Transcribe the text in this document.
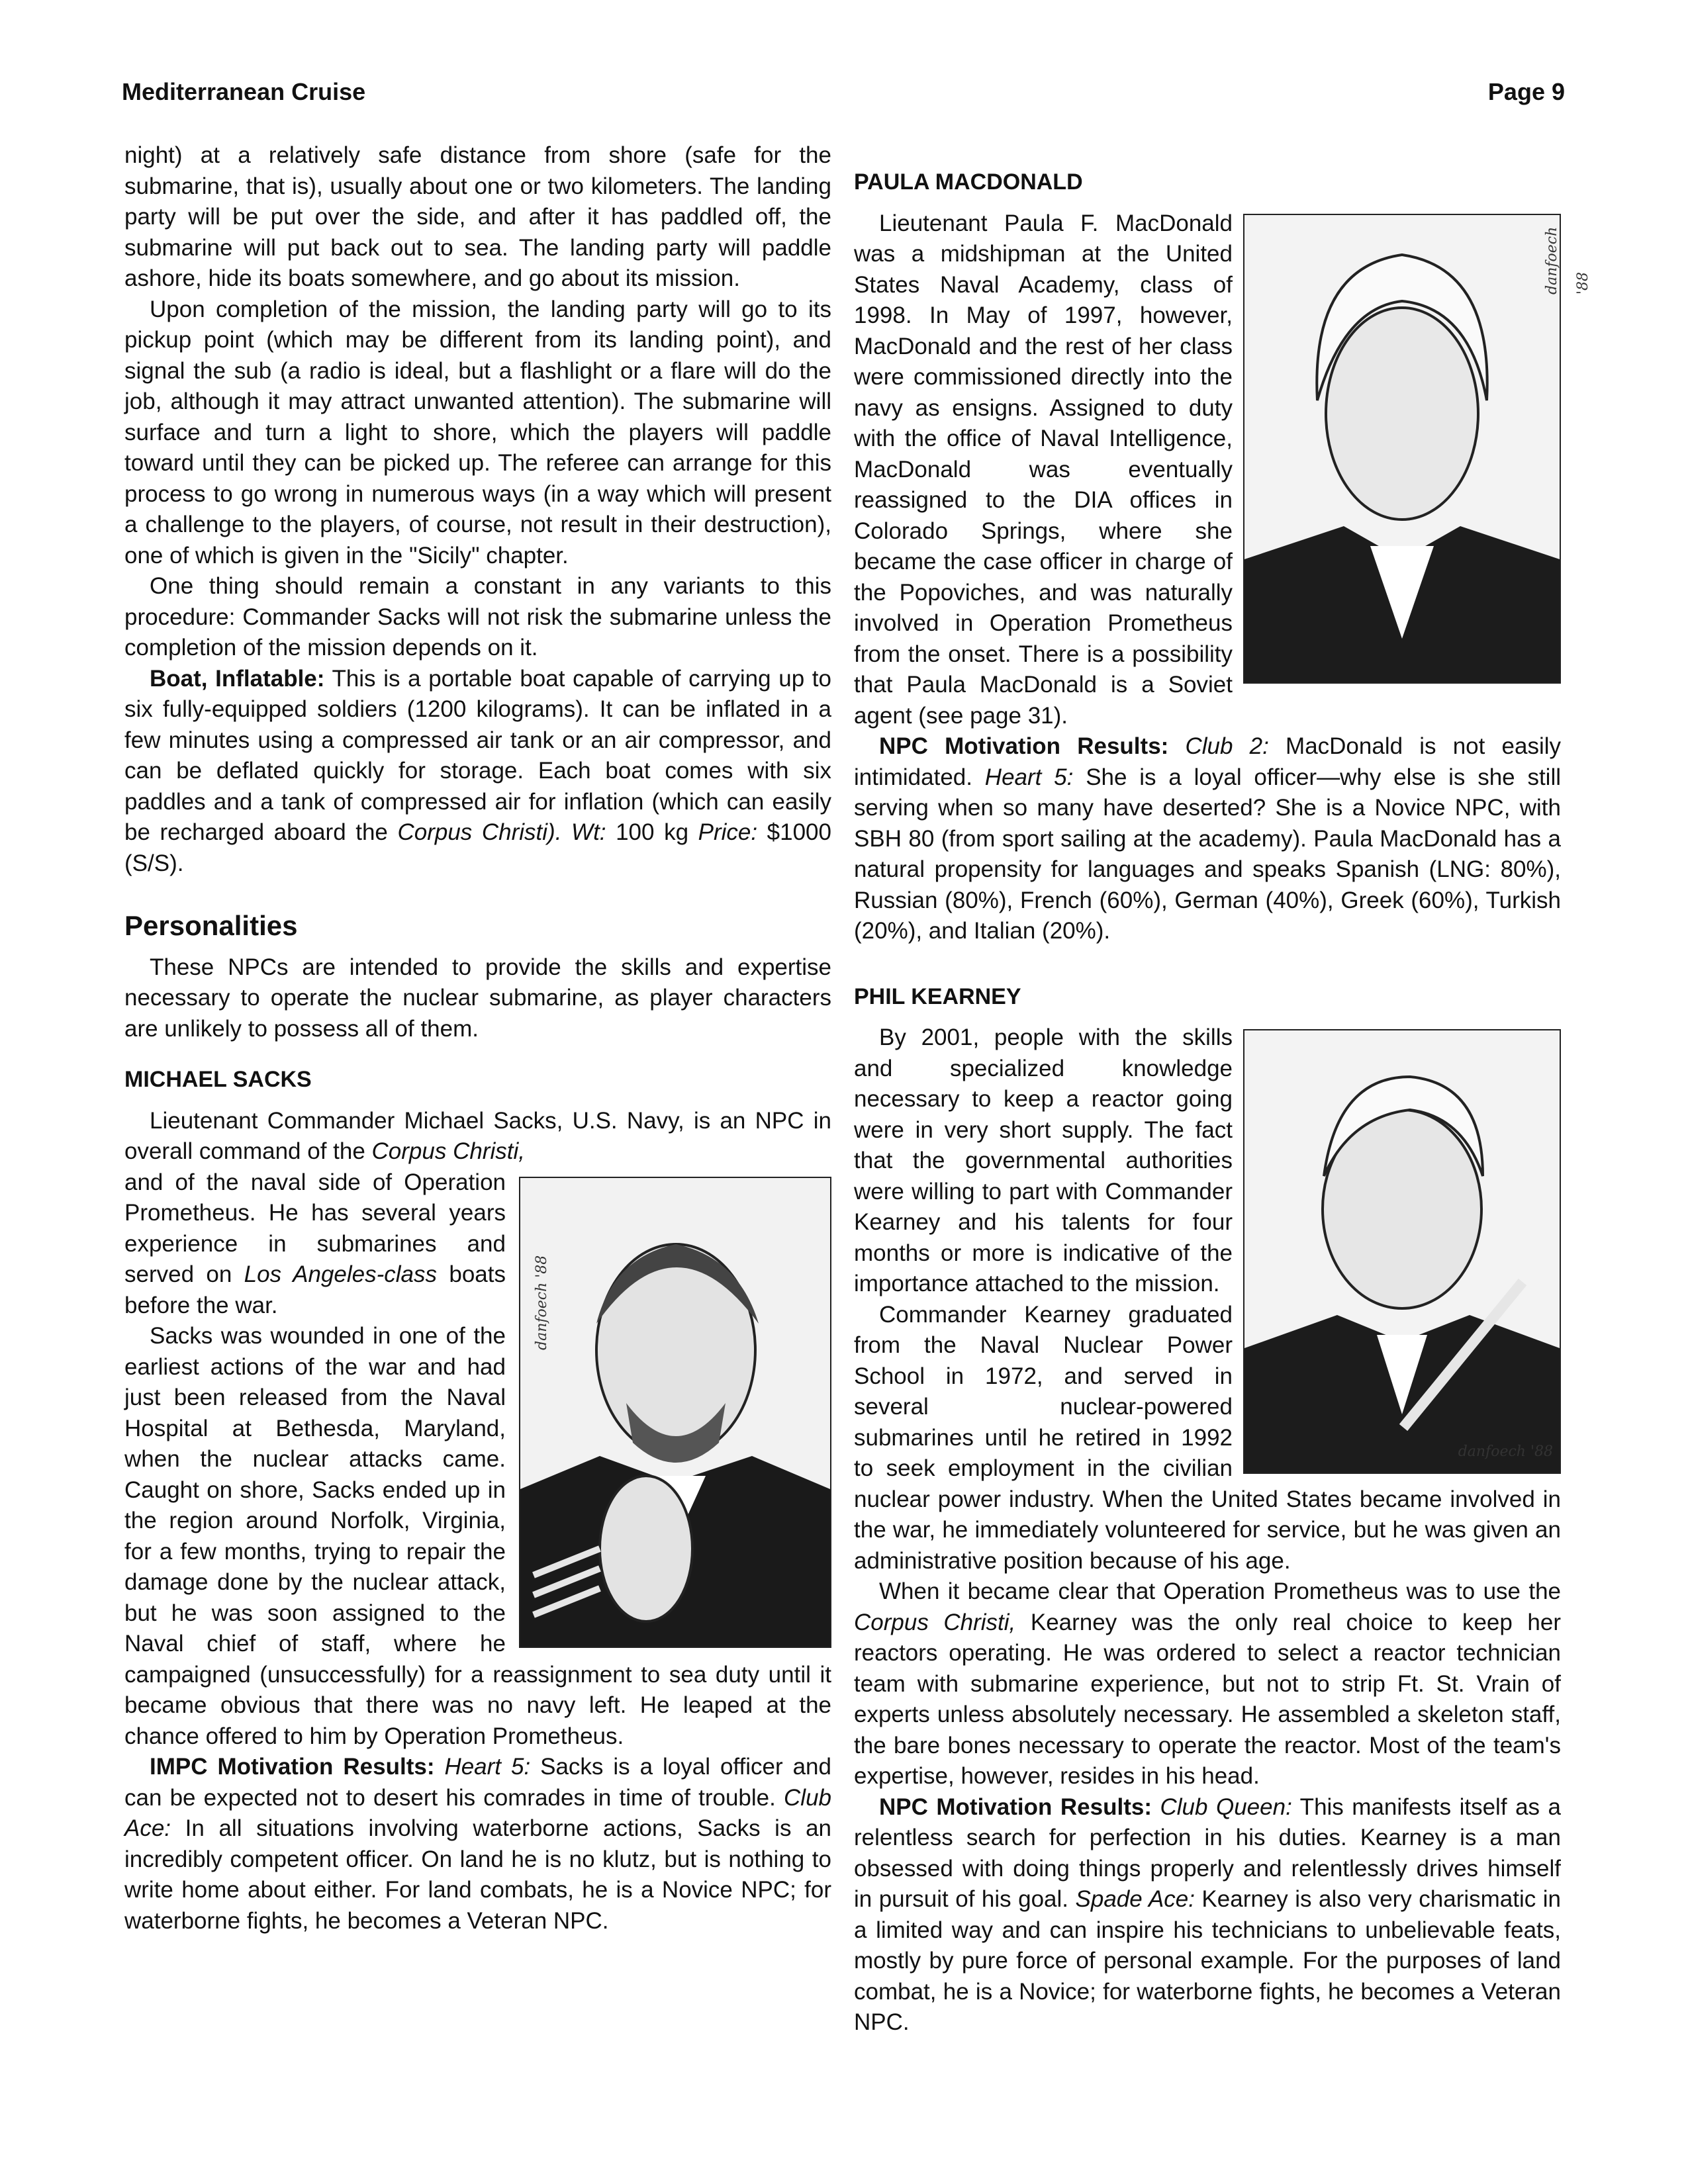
Mediterranean Cruise	Page 9

night) at a relatively safe distance from shore (safe for the submarine, that is), usually about one or two kilometers. The landing party will be put over the side, and after it has paddled off, the submarine will put back out to sea. The landing party will paddle ashore, hide its boats somewhere, and go about its mission.

Upon completion of the mission, the landing party will go to its pickup point (which may be different from its landing point), and signal the sub (a radio is ideal, but a flashlight or a flare will do the job, although it may attract unwanted attention). The submarine will surface and turn a light to shore, which the players will paddle toward until they can be picked up. The referee can arrange for this process to go wrong in numerous ways (in a way which will present a challenge to the players, of course, not result in their destruction), one of which is given in the "Sicily" chapter.

One thing should remain a constant in any variants to this procedure: Commander Sacks will not risk the submarine unless the completion of the mission depends on it.

Boat, Inflatable: This is a portable boat capable of carrying up to six fully-equipped soldiers (1200 kilograms). It can be inflated in a few minutes using a compressed air tank or an air compressor, and can be deflated quickly for storage. Each boat comes with six paddles and a tank of compressed air for inflation (which can easily be recharged aboard the Corpus Christi). Wt: 100 kg Price: $1000 (S/S).

Personalities

These NPCs are intended to provide the skills and expertise necessary to operate the nuclear submarine, as player characters are unlikely to possess all of them.

MICHAEL SACKS

Lieutenant Commander Michael Sacks, U.S. Navy, is an NPC in overall command of the Corpus Christi,

danfoech '88

and of the naval side of Operation Prometheus. He has several years experience in submarines and served on Los Angeles-class boats before the war.

Sacks was wounded in one of the earliest actions of the war and had just been released from the Naval Hospital at Bethesda, Maryland, when the nuclear attacks came. Caught on shore, Sacks ended up in the region around Norfolk, Virginia, for a few months, trying to repair the damage done by the nuclear attack, but he was soon assigned to the Naval chief of staff, where he campaigned (unsuccessfully) for a reassignment to sea duty until it became obvious that there was no navy left. He leaped at the chance offered to him by Operation Prometheus.

IMPC Motivation Results: Heart 5: Sacks is a loyal officer and can be expected not to desert his comrades in time of trouble. Club Ace: In all situations involving waterborne actions, Sacks is an incredibly competent officer. On land he is no klutz, but is nothing to write home about either. For land combats, he is a Novice NPC; for waterborne fights, he becomes a Veteran NPC.

PAULA MACDONALD
danfoech '88

Lieutenant Paula F. MacDonald was a midshipman at the United States Naval Academy, class of 1998. In May of 1997, however, MacDonald and the rest of her class were commissioned directly into the navy as ensigns. Assigned to duty with the office of Naval Intelligence, MacDonald was eventually reassigned to the DIA offices in Colorado Springs, where she became the case officer in charge of the Popoviches, and was naturally involved in Operation Prometheus from the onset. There is a possibility that Paula MacDonald is a Soviet agent (see page 31).

NPC Motivation Results: Club 2: MacDonald is not easily intimidated. Heart 5: She is a loyal officer—why else is she still serving when so many have deserted? She is a Novice NPC, with SBH 80 (from sport sailing at the academy). Paula MacDonald has a natural propensity for languages and speaks Spanish (LNG: 80%), Russian (80%), French (60%), German (40%), Greek (60%), Turkish (20%), and Italian (20%).

PHIL KEARNEY
danfoech '88

By 2001, people with the skills and specialized knowledge necessary to keep a reactor going were in very short supply. The fact that the governmental authorities were willing to part with Commander Kearney and his talents for four months or more is indicative of the importance attached to the mission.

Commander Kearney graduated from the Naval Nuclear Power School in 1972, and served in several nuclear-powered submarines until he retired in 1992 to seek employment in the civilian nuclear power industry. When the United States became involved in the war, he immediately volunteered for service, but he was given an administrative position because of his age.

When it became clear that Operation Prometheus was to use the Corpus Christi, Kearney was the only real choice to keep her reactors operating. He was ordered to select a reactor technician team with submarine experience, but not to strip Ft. St. Vrain of experts unless absolutely necessary. He assembled a skeleton staff, the bare bones necessary to operate the reactor. Most of the team's expertise, however, resides in his head.

NPC Motivation Results: Club Queen: This manifests itself as a relentless search for perfection in his duties. Kearney is a man obsessed with doing things properly and relentlessly drives himself in pursuit of his goal. Spade Ace: Kearney is also very charismatic in a limited way and can inspire his technicians to unbelievable feats, mostly by pure force of personal example. For the purposes of land combat, he is a Novice; for waterborne fights, he becomes a Veteran NPC.
